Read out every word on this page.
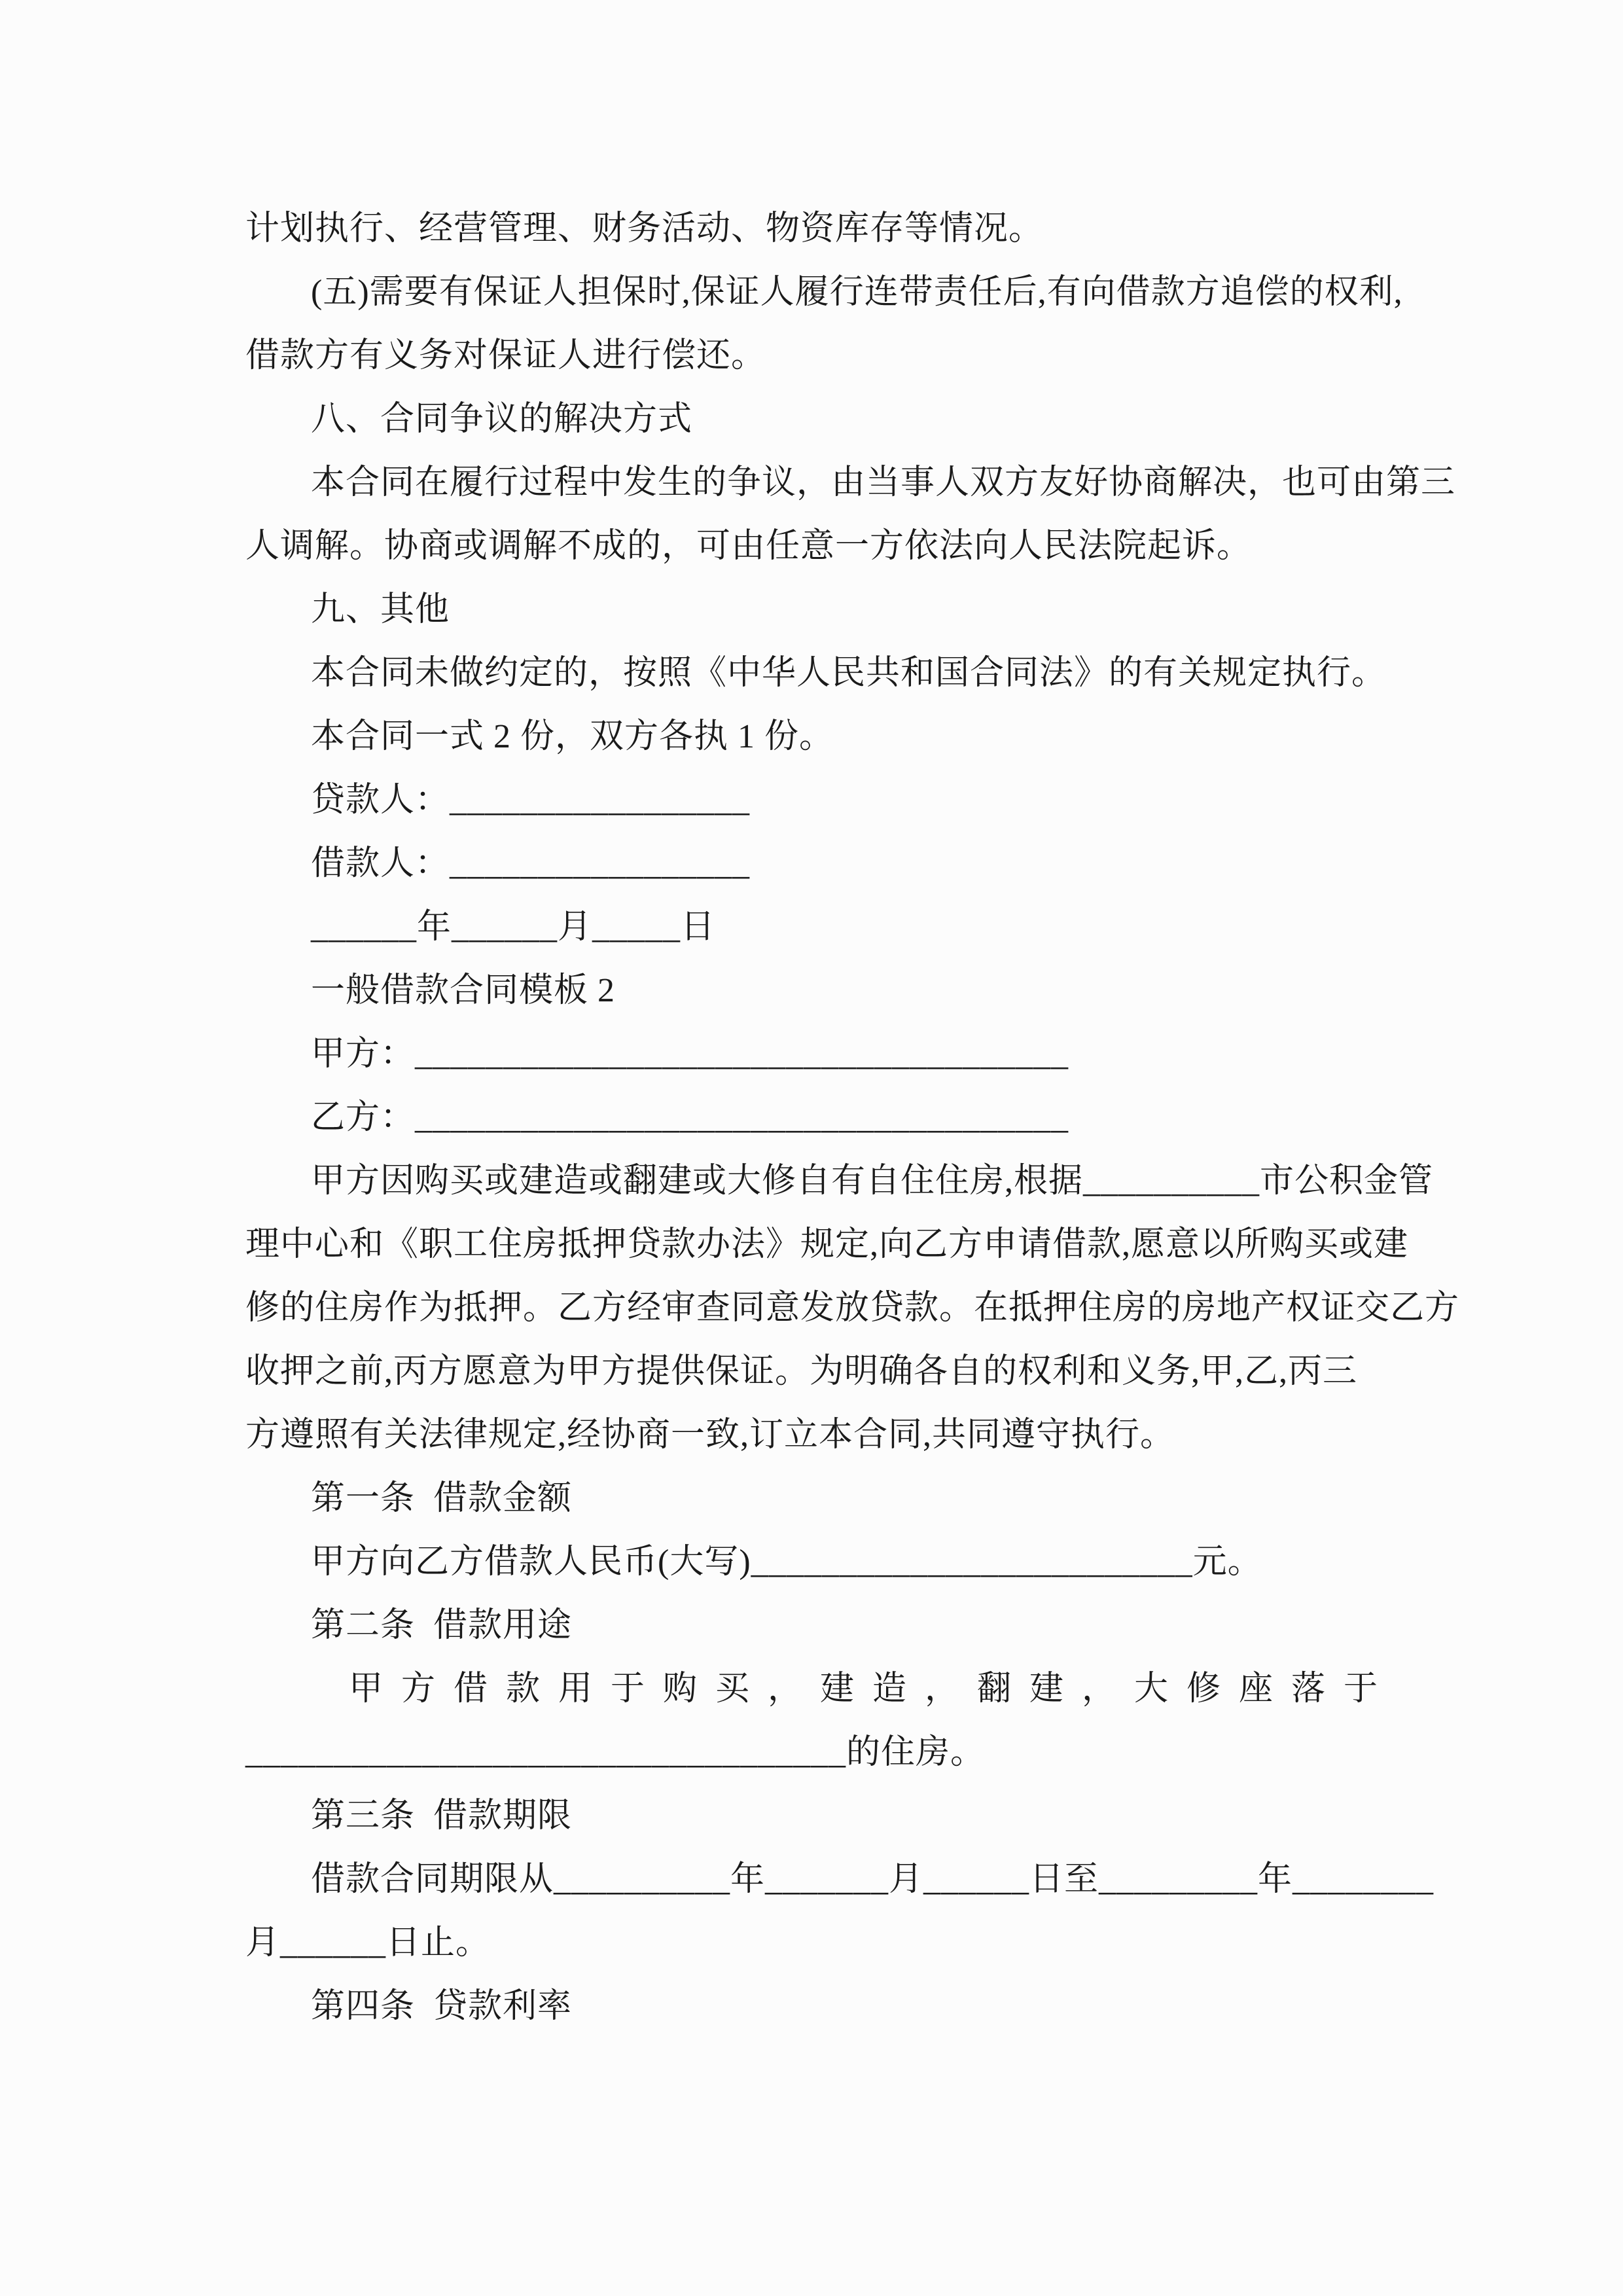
计划执行、经营管理、财务活动、物资库存等情况。
(五)需要有保证人担保时,保证人履行连带责任后,有向借款方追偿的权利,
借款方有义务对保证人进行偿还。
八、合同争议的解决方式
本合同在履行过程中发生的争议，由当事人双方友好协商解决，也可由第三
人调解。协商或调解不成的，可由任意一方依法向人民法院起诉。
九、其他
本合同未做约定的，按照《中华人民共和国合同法》的有关规定执行。
本合同一式 2 份，双方各执 1 份。
贷款人：_________________
借款人：_________________
______年______月_____日
一般借款合同模板 2
甲方：_____________________________________
乙方：_____________________________________
甲方因购买或建造或翻建或大修自有自住住房,根据__________市公积金管
理中心和《职工住房抵押贷款办法》规定,向乙方申请借款,愿意以所购买或建
修的住房作为抵押。乙方经审查同意发放贷款。在抵押住房的房地产权证交乙方
收押之前,丙方愿意为甲方提供保证。为明确各自的权利和义务,甲,乙,丙三
方遵照有关法律规定,经协商一致,订立本合同,共同遵守执行。
第一条  借款金额
甲方向乙方借款人民币(大写)_________________________元。
第二条  借款用途
甲方借款用于购买，建造，翻建，大修座落于
__________________________________的住房。
第三条  借款期限
借款合同期限从__________年_______月______日至_________年________
月______日止。
第四条  贷款利率
